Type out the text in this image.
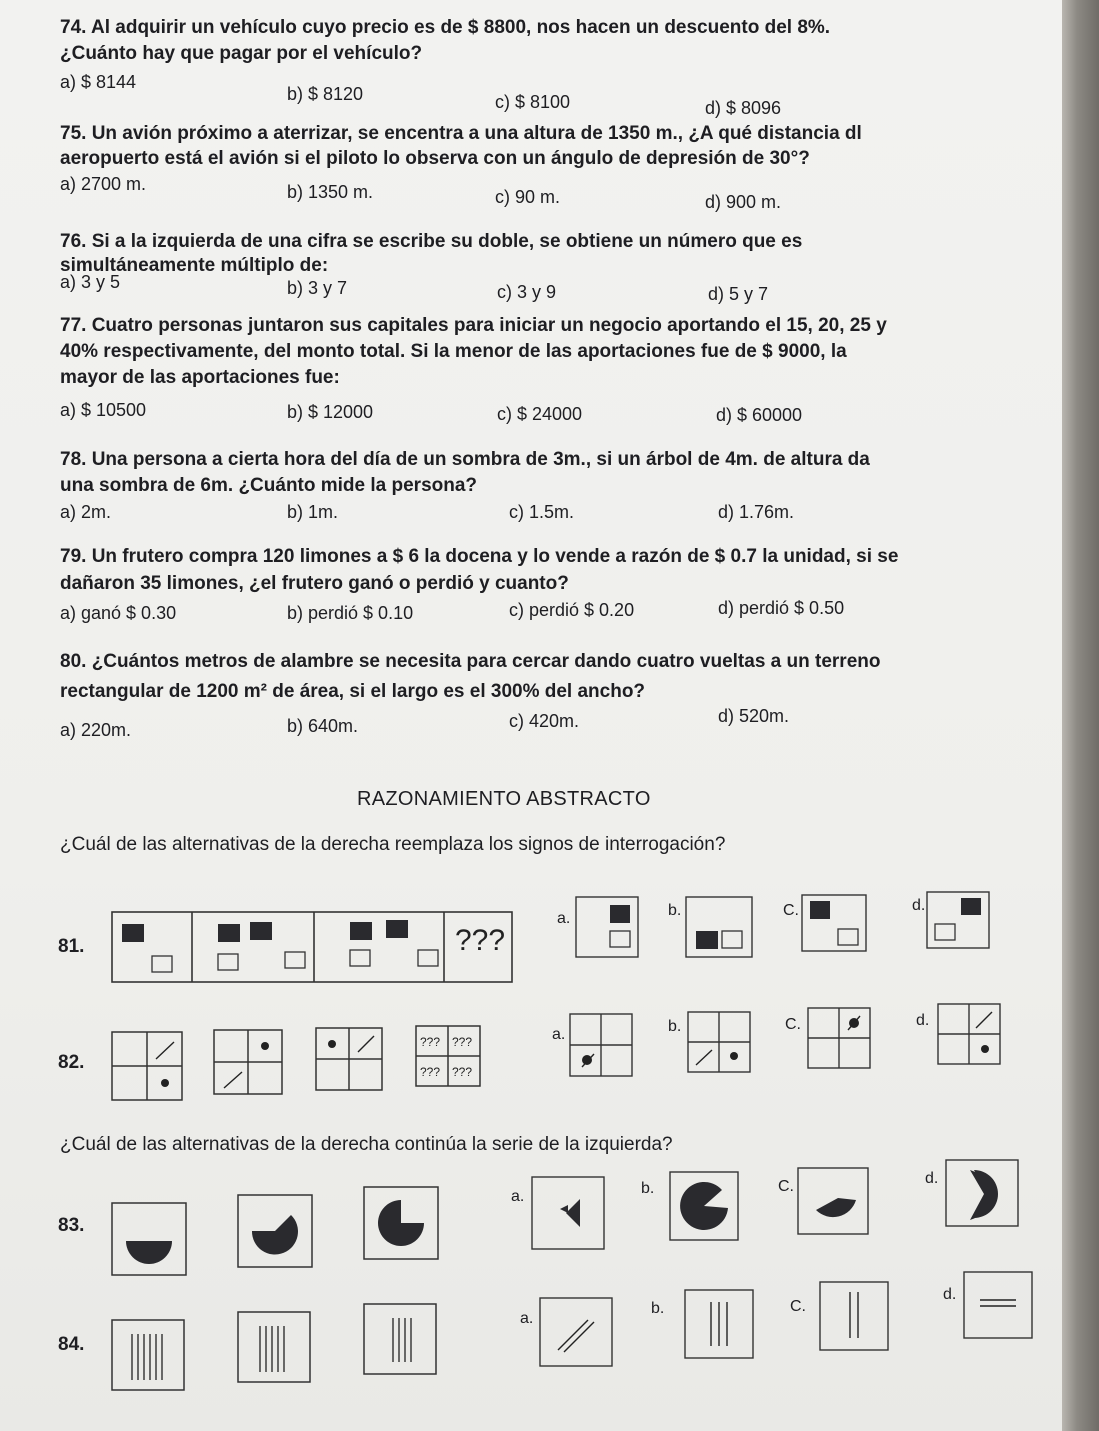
74. Al adquirir un vehículo cuyo precio es de $ 8800, nos hacen un descuento del 8%.
¿Cuánto hay que pagar por el vehículo?
a) $ 8144
b) $ 8120	c) $ 8100	d) $ 8096
75. Un avión próximo a aterrizar, se encentra a una altura de 1350 m., ¿A qué distancia dl
aeropuerto está el avión si el piloto lo observa con un ángulo de depresión de 30°?
a) 2700 m.	b) 1350 m.	c) 90 m.	d) 900 m.
76. Si a la izquierda de una cifra se escribe su doble, se obtiene un número que es
simultáneamente múltiplo de:
a) 3 y 5	b) 3 y 7	c) 3 y 9	d) 5 y 7
77. Cuatro personas juntaron sus capitales para iniciar un negocio aportando el 15, 20, 25 y
40% respectivamente, del monto total. Si la menor de las aportaciones fue de $ 9000, la
mayor de las aportaciones fue:
a) $ 10500	b) $ 12000	c) $ 24000	d) $ 60000
78. Una persona a cierta hora del día de un sombra de 3m., si un árbol de 4m. de altura da
una sombra de 6m. ¿Cuánto mide la persona?
a) 2m.	b) 1m.	c) 1.5m.	d) 1.76m.
79. Un frutero compra 120 limones a $ 6 la docena y lo vende a razón de $ 0.7 la unidad, si se
dañaron 35 limones, ¿el frutero ganó o perdió y cuanto?
a) ganó $ 0.30	b) perdió $ 0.10	c) perdió $ 0.20	d) perdió $ 0.50
80. ¿Cuántos metros de alambre se necesita para cercar dando cuatro vueltas a un terreno
rectangular de 1200 m² de área, si el largo es el 300% del ancho?
a) 220m.	b) 640m.	c) 420m.	d) 520m.
RAZONAMIENTO ABSTRACTO
¿Cuál de las alternativas de la derecha reemplaza los signos de interrogación?
81.	???
a.	b.	C.	d.
82.
??? ???
??? ???
a.	b.	C.	d.
¿Cuál de las alternativas de la derecha continúa la serie de la izquierda?
83.
a.	b.	C.	d.
84.
a.
b.	C.
d.
